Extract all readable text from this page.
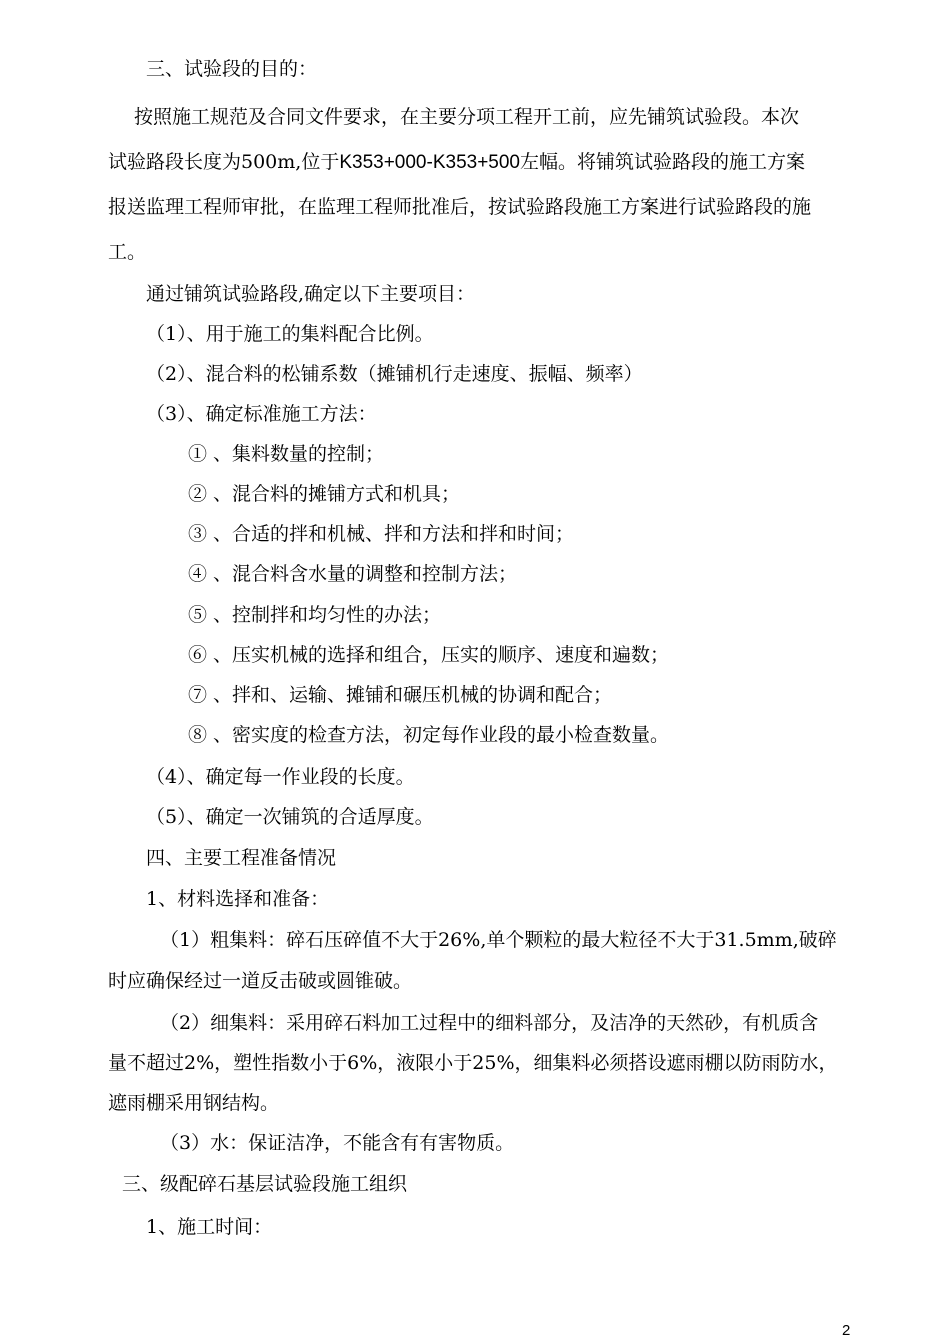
三、试验段的目的：
按照施工规范及合同文件要求，在主要分项工程开工前，应先铺筑试验段。本次
试验路段长度为500m,位于K353+000-K353+500左幅。将铺筑试验路段的施工方案
报送监理工程师审批，在监理工程师批准后，按试验路段施工方案进行试验路段的施
工。
通过铺筑试验路段,确定以下主要项目：
（1）、用于施工的集料配合比例。
（2）、混合料的松铺系数（摊铺机行走速度、振幅、频率）
（3）、确定标准施工方法：
① 、集料数量的控制；
② 、混合料的摊铺方式和机具；
③ 、合适的拌和机械、拌和方法和拌和时间；
④ 、混合料含水量的调整和控制方法；
⑤ 、控制拌和均匀性的办法；
⑥ 、压实机械的选择和组合，压实的顺序、速度和遍数；
⑦ 、拌和、运输、摊铺和碾压机械的协调和配合；
⑧ 、密实度的检查方法，初定每作业段的最小检查数量。
（4）、确定每一作业段的长度。
（5）、确定一次铺筑的合适厚度。
四、主要工程准备情况
1、材料选择和准备：
（1）粗集料：碎石压碎值不大于26%,单个颗粒的最大粒径不大于31.5mm,破碎
时应确保经过一道反击破或圆锥破。
（2）细集料：采用碎石料加工过程中的细料部分，及洁净的天然砂，有机质含
量不超过2%，塑性指数小于6%，液限小于25%，细集料必须搭设遮雨棚以防雨防水，
遮雨棚采用钢结构。
（3）水：保证洁净，不能含有有害物质。
三、级配碎石基层试验段施工组织
1、施工时间：
2
